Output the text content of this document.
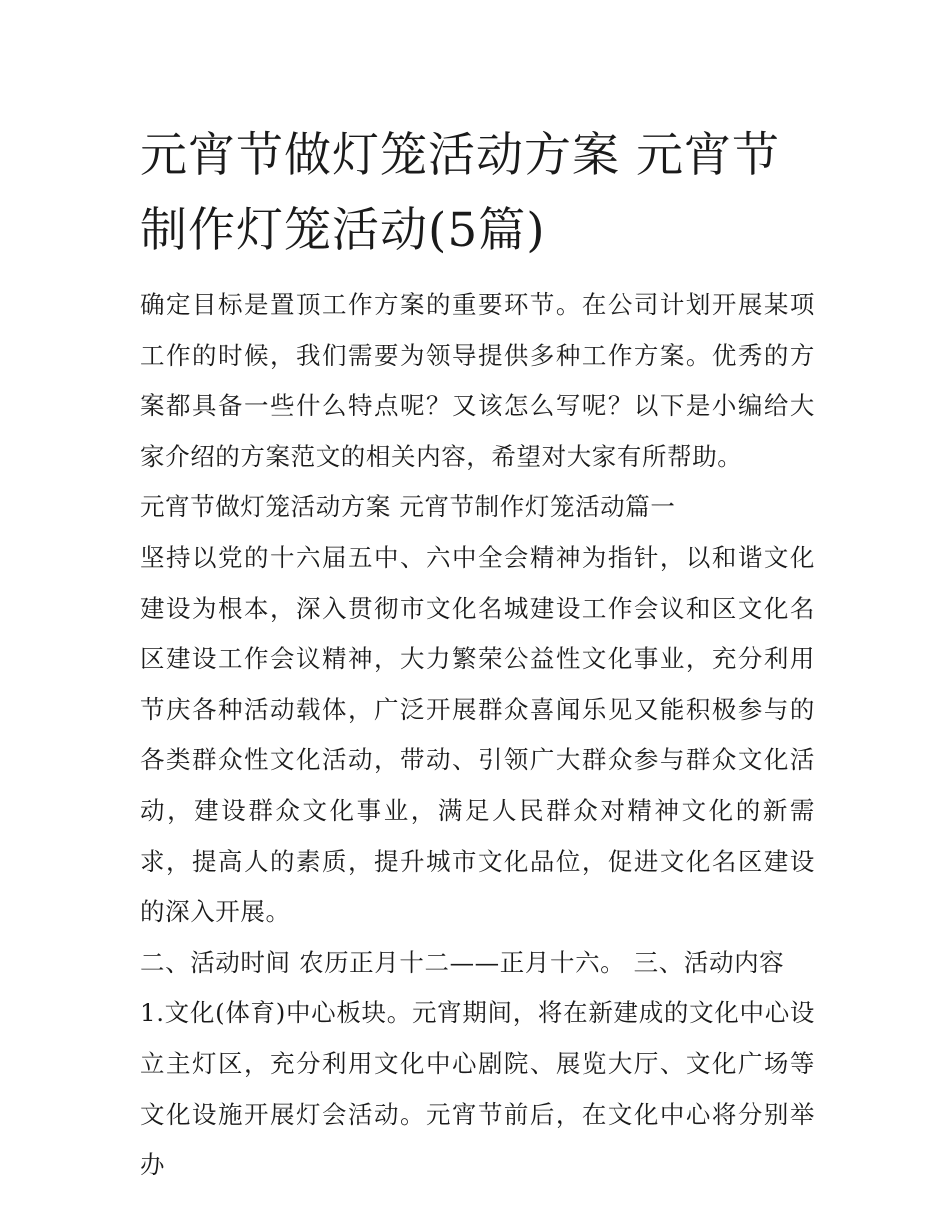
元宵节做灯笼活动方案 元宵节制作灯笼活动(5篇)

确定目标是置顶工作方案的重要环节。在公司计划开展某项工作的时候，我们需要为领导提供多种工作方案。优秀的方案都具备一些什么特点呢？又该怎么写呢？以下是小编给大家介绍的方案范文的相关内容，希望对大家有所帮助。

元宵节做灯笼活动方案 元宵节制作灯笼活动篇一

坚持以党的十六届五中、六中全会精神为指针，以和谐文化建设为根本，深入贯彻市文化名城建设工作会议和区文化名区建设工作会议精神，大力繁荣公益性文化事业，充分利用节庆各种活动载体，广泛开展群众喜闻乐见又能积极参与的各类群众性文化活动，带动、引领广大群众参与群众文化活动，建设群众文化事业，满足人民群众对精神文化的新需求，提高人的素质，提升城市文化品位，促进文化名区建设的深入开展。

二、活动时间 农历正月十二——正月十六。 三、活动内容

1.文化(体育)中心板块。元宵期间，将在新建成的文化中心设立主灯区，充分利用文化中心剧院、展览大厅、文化广场等文化设施开展灯会活动。元宵节前后，在文化中心将分别举办
